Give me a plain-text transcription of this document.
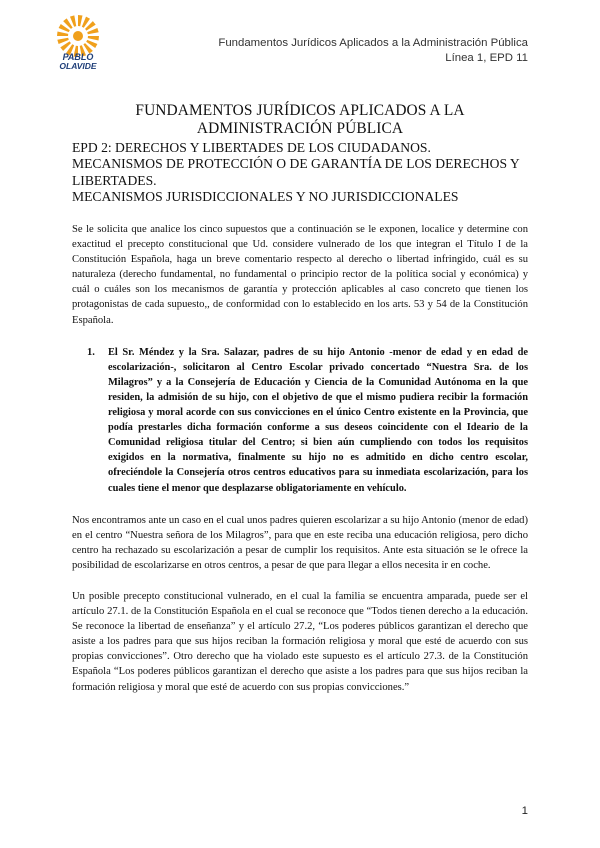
PABLO
OLAVIDE
Fundamentos Jurídicos Aplicados a la Administración Pública
Línea 1, EPD 11
FUNDAMENTOS JURÍDICOS APLICADOS A LA
ADMINISTRACIÓN PÚBLICA
EPD 2: DERECHOS Y LIBERTADES DE LOS CIUDADANOS.
MECANISMOS DE PROTECCIÓN O DE GARANTÍA DE LOS DERECHOS Y
LIBERTADES.
MECANISMOS JURISDICCIONALES Y NO JURISDICCIONALES

Se le solicita que analice los cinco supuestos que a continuación se le exponen, localice y determine con exactitud el precepto constitucional que Ud. considere vulnerado de los que integran el Título I de la Constitución Española, haga un breve comentario respecto al derecho o libertad infringido, cuál es su naturaleza (derecho fundamental, no fundamental o principio rector de la política social y económica) y cuál o cuáles son los mecanismos de garantía y protección aplicables al caso concreto que tienen los protagonistas de cada supuesto,, de conformidad con lo establecido en los arts. 53 y 54 de la Constitución Española.

1.	El Sr. Méndez y la Sra. Salazar, padres de su hijo Antonio -menor de edad y en edad de escolarización-, solicitaron al Centro Escolar privado concertado “Nuestra Sra. de los Milagros” y a la Consejería de Educación y Ciencia de la Comunidad Autónoma en la que residen, la admisión de su hijo, con el objetivo de que el mismo pudiera recibir la formación religiosa y moral acorde con sus convicciones en el único Centro existente en la Provincia, que podía prestarles dicha formación conforme a sus deseos coincidente con el Ideario de la Comunidad religiosa titular del Centro; si bien aún cumpliendo con todos los requisitos exigidos en la normativa, finalmente su hijo no es admitido en dicho centro escolar, ofreciéndole la Consejería otros centros educativos para su inmediata escolarización, para los cuales tiene el menor que desplazarse obligatoriamente en vehículo.

Nos encontramos ante un caso en el cual unos padres quieren escolarizar a su hijo Antonio (menor de edad) en el centro “Nuestra señora de los Milagros”, para que en este reciba una educación religiosa, pero dicho centro ha rechazado su escolarización a pesar de cumplir los requisitos. Ante esta situación se le ofrece la posibilidad de escolarizarse en otros centros, a pesar de que para llegar a ellos necesita ir en coche.

Un posible precepto constitucional vulnerado, en el cual la familia se encuentra amparada, puede ser el artículo 27.1. de la Constitución Española en el cual se reconoce que “Todos tienen derecho a la educación. Se reconoce la libertad de enseñanza” y el artículo 27.2, “Los poderes públicos garantizan el derecho que asiste a los padres para que sus hijos reciban la formación religiosa y moral que esté de acuerdo con sus propias convicciones”. Otro derecho que ha violado este supuesto es el artículo 27.3. de la Constitución Española “Los poderes públicos garantizan el derecho que asiste a los padres para que sus hijos reciban la formación religiosa y moral que esté de acuerdo con sus propias convicciones.”

1
